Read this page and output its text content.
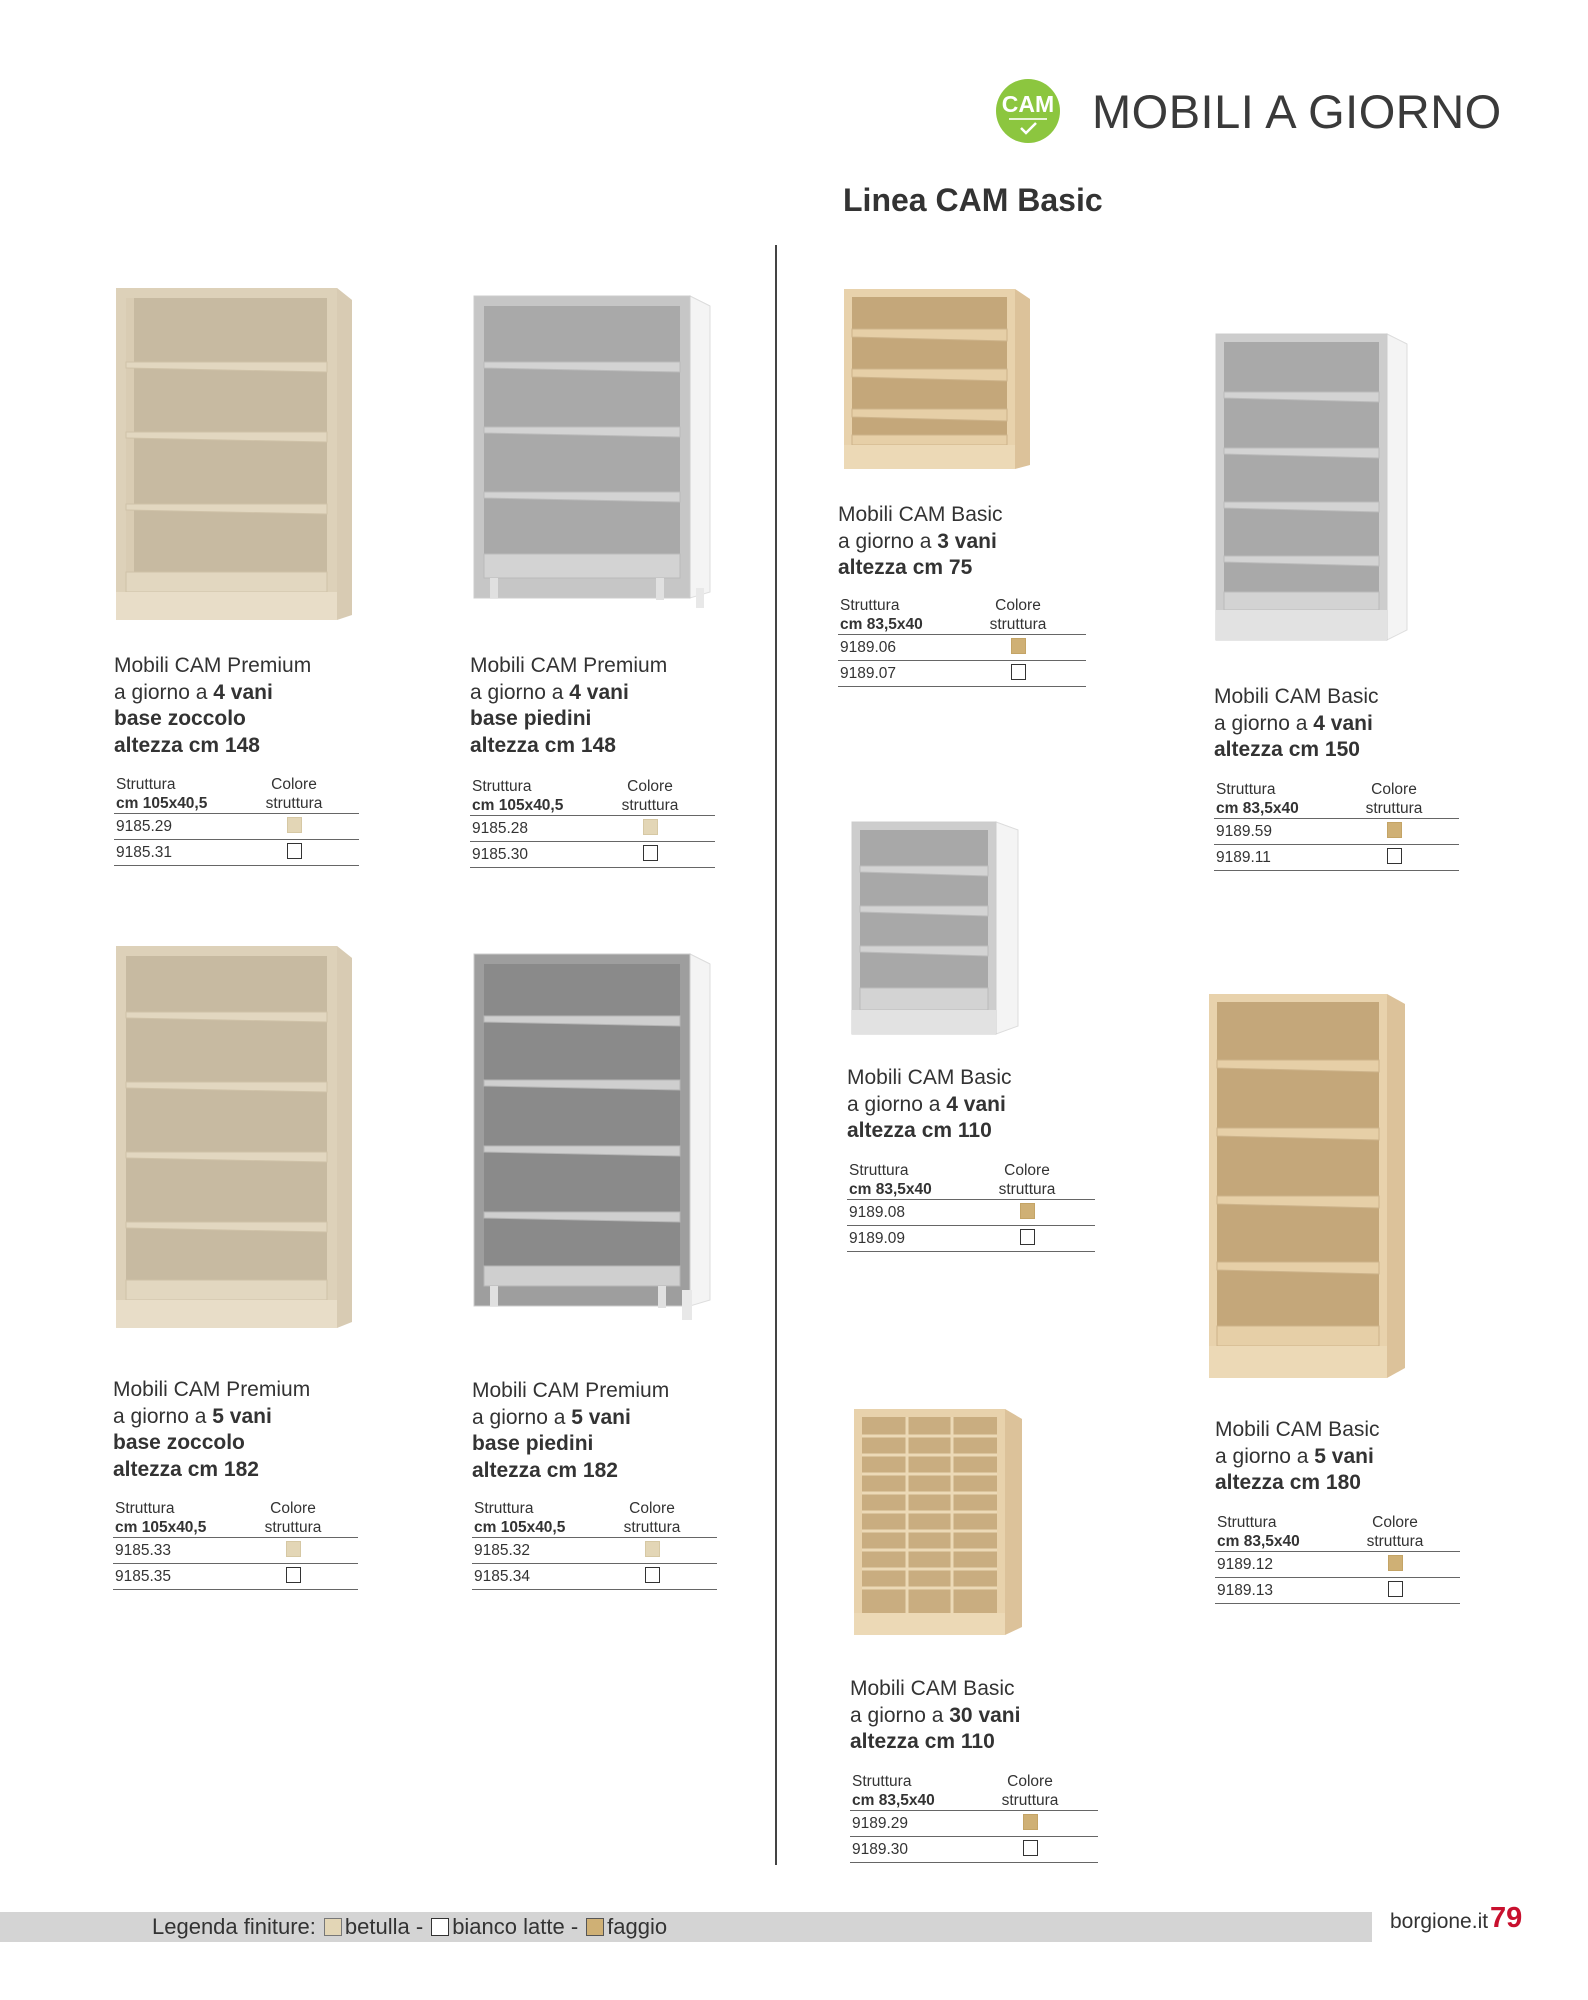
CAM MOBILI A GIORNO
Linea CAM Basic
Mobili CAM Premium
a giorno a 4 vani
base zoccolo
altezza cm 148
Struttura
cm 105x40,5
Colore
struttura
9185.29
9185.31
Mobili CAM Premium
a giorno a 4 vani
base piedini
altezza cm 148
Struttura
cm 105x40,5
Colore
struttura
9185.28
9185.30
Mobili CAM Basic
a giorno a 3 vani
altezza cm 75
Struttura
cm 83,5x40
Colore
struttura
9189.06
9189.07
Mobili CAM Basic
a giorno a 4 vani
altezza cm 150
Struttura
cm 83,5x40
Colore
struttura
9189.59
9189.11
Mobili CAM Basic
a giorno a 4 vani
altezza cm 110
Struttura
cm 83,5x40
Colore
struttura
9189.08
9189.09
Mobili CAM Premium
a giorno a 5 vani
base zoccolo
altezza cm 182
Struttura
cm 105x40,5
Colore
struttura
9185.33
9185.35
Mobili CAM Premium
a giorno a 5 vani
base piedini
altezza cm 182
Struttura
cm 105x40,5
Colore
struttura
9185.32
9185.34
Mobili CAM Basic
a giorno a 5 vani
altezza cm 180
Struttura
cm 83,5x40
Colore
struttura
9189.12
9189.13
Mobili CAM Basic
a giorno a 30 vani
altezza cm 110
Struttura
cm 83,5x40
Colore
struttura
9189.29
9189.30
Legenda finiture: betulla - bianco latte - faggio	borgione.it 79
